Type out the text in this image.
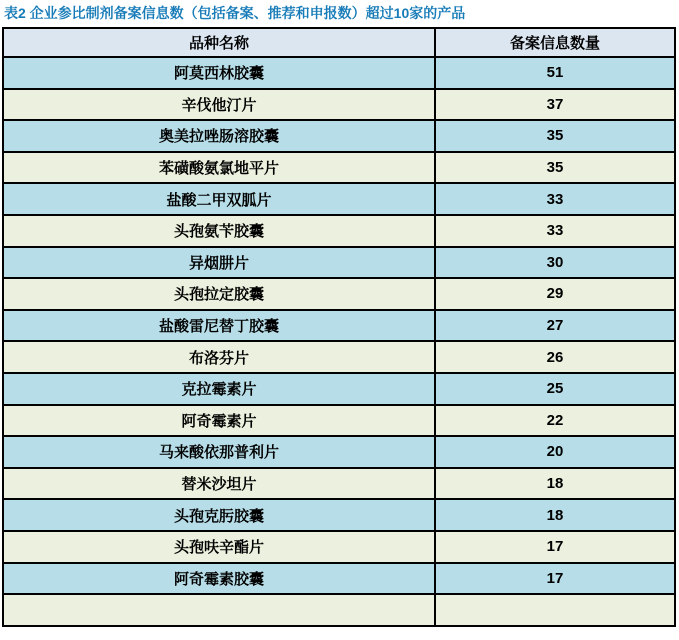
表2 企业参比制剂备案信息数（包括备案、推荐和申报数）超过10家的产品
品种名称	备案信息数量
阿莫西林胶囊	51
辛伐他汀片	37
奥美拉唑肠溶胶囊	35
苯磺酸氨氯地平片	35
盐酸二甲双胍片	33
头孢氨苄胶囊	33
异烟肼片	30
头孢拉定胶囊	29
盐酸雷尼替丁胶囊	27
布洛芬片	26
克拉霉素片	25
阿奇霉素片	22
马来酸依那普利片	20
替米沙坦片	18
头孢克肟胶囊	18
头孢呋辛酯片	17
阿奇霉素胶囊	17
